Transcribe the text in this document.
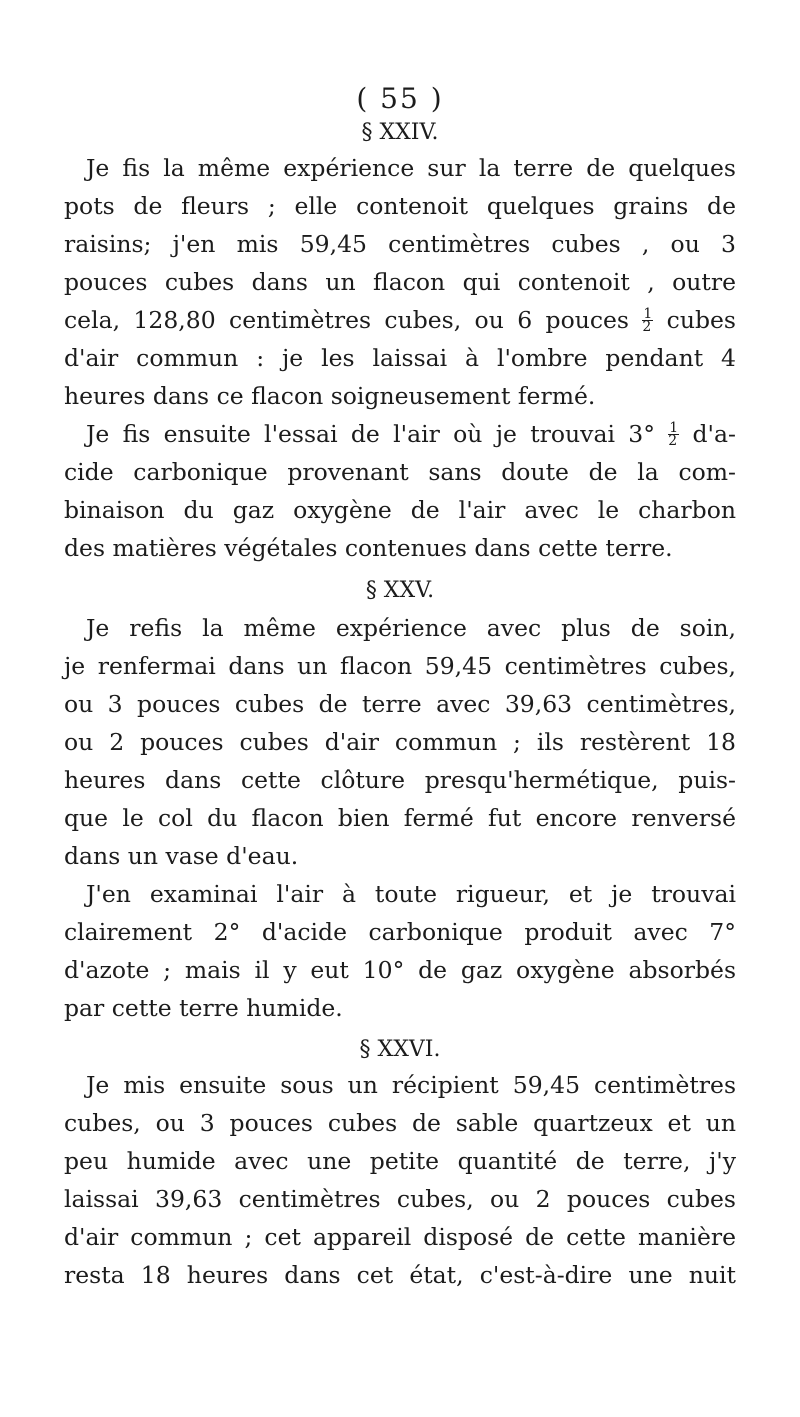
( 55 )
§ XXIV.
Je fis la même expérience sur la terre de quelques
pots de fleurs ; elle contenoit quelques grains de
raisins; j'en mis 59,45 centimètres cubes , ou 3
pouces cubes dans un flacon qui contenoit , outre
cela, 128,80 centimètres cubes, ou 6 pouces $\frac{1}{2}$ cubes
d'air commun : je les laissai à l'ombre pendant 4
heures dans ce flacon soigneusement fermé.
Je fis ensuite l'essai de l'air où je trouvai $3^\circ \frac{1}{2} d'a-$
cide carbonique provenant sans doute de la com-
binaison du gaz oxygène de l'air avec le charbon
des matières végétales contenues dans cette terre.
§ XXV.
Je refis la même expérience avec plus de soin,
je renfermai dans un flacon 59,45 centimètres cubes,
ou 3 pouces cubes de terre avec 39,63 centimètres,
ou 2 pouces cubes d'air commun ; ils restèrent 18
heures dans cette clôture presqu'hermétique, puis-
que le col du flacon bien fermé fut encore renversé
dans un vase d'eau.
J'en examinai l'air à toute rigueur, et je trouvai
clairement 2° d'acide carbonique produit avec 7°
d'azote ; mais il y eut 10° de gaz oxygène absorbés
par cette terre humide.
§ XXVI.
Je mis ensuite sous un récipient 59,45 centimètres
cubes, ou 3 pouces cubes de sable quartzeux et un
peu humide avec une petite quantité de terre, j'y
laissai 39,63 centimètres cubes, ou 2 pouces cubes
d'air commun ; cet appareil disposé de cette manière
resta 18 heures dans cet état, c'est-à-dire une nuit
